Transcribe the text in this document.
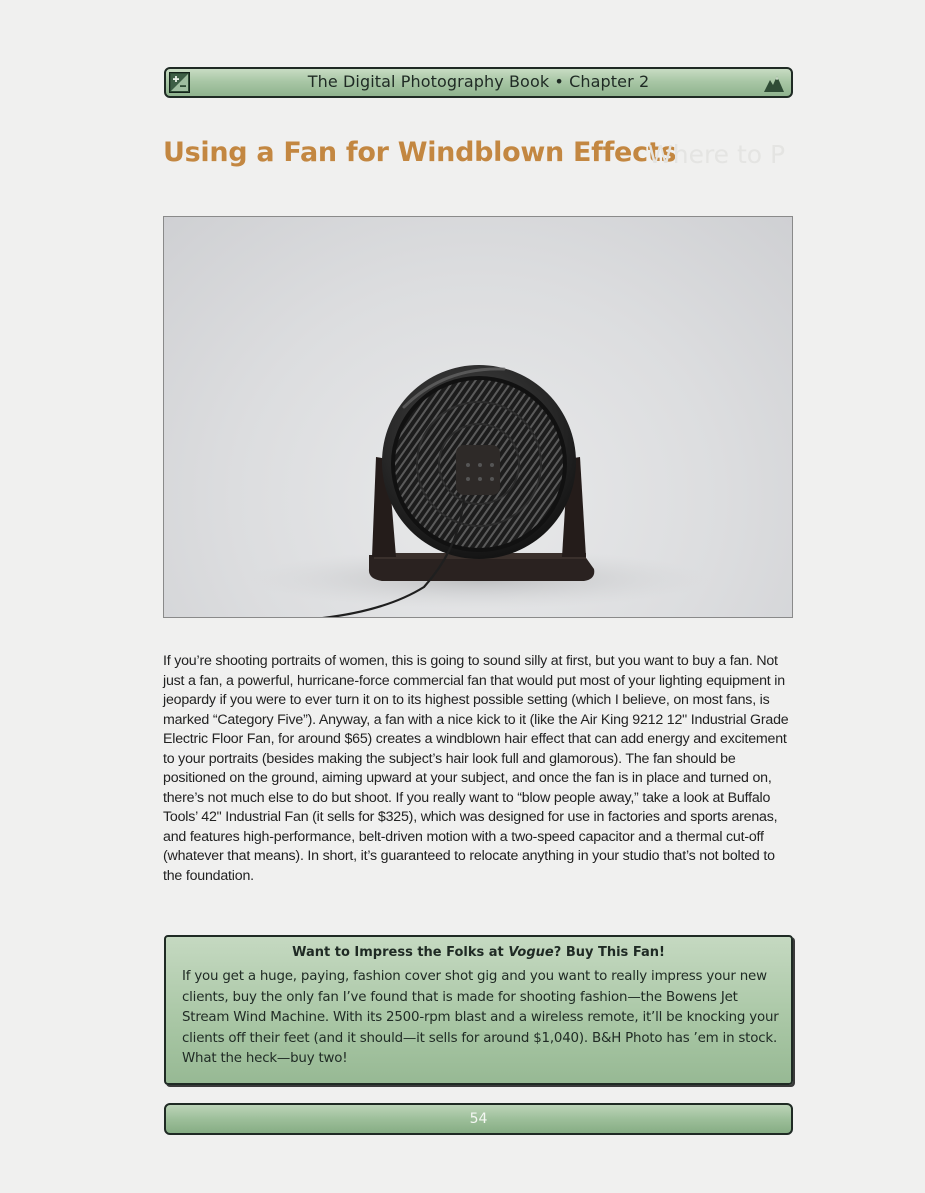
The Digital Photography Book • Chapter 2
Using a Fan for Windblown Effects
Where to P

If you’re shooting portraits of women, this is going to sound silly at first, but you want to buy a fan. Not just a fan, a powerful, hurricane-force commercial fan that would put most of your lighting equipment in jeopardy if you were to ever turn it on to its highest possible setting (which I believe, on most fans, is marked “Category Five”). Anyway, a fan with a nice kick to it (like the Air King 9212 12" Industrial Grade Electric Floor Fan, for around $65) creates a windblown hair effect that can add energy and excitement to your portraits (besides making the subject’s hair look full and glamorous). The fan should be positioned on the ground, aiming upward at your subject, and once the fan is in place and turned on, there’s not much else to do but shoot. If you really want to “blow people away,” take a look at Buffalo Tools’ 42" Industrial Fan (it sells for $325), which was designed for use in factories and sports arenas, and features high-performance, belt-driven motion with a two-speed capacitor and a thermal cut-off (whatever that means). In short, it’s guaranteed to relocate anything in your studio that’s not bolted to the foundation.

Want to Impress the Folks at Vogue? Buy This Fan!

If you get a huge, paying, fashion cover shot gig and you want to really impress your new clients, buy the only fan I’ve found that is made for shooting fashion—the Bowens Jet Stream Wind Machine. With its 2500-rpm blast and a wireless remote, it’ll be knocking your clients off their feet (and it should—it sells for around $1,040). B&H Photo has ’em in stock. What the heck—buy two!

54
